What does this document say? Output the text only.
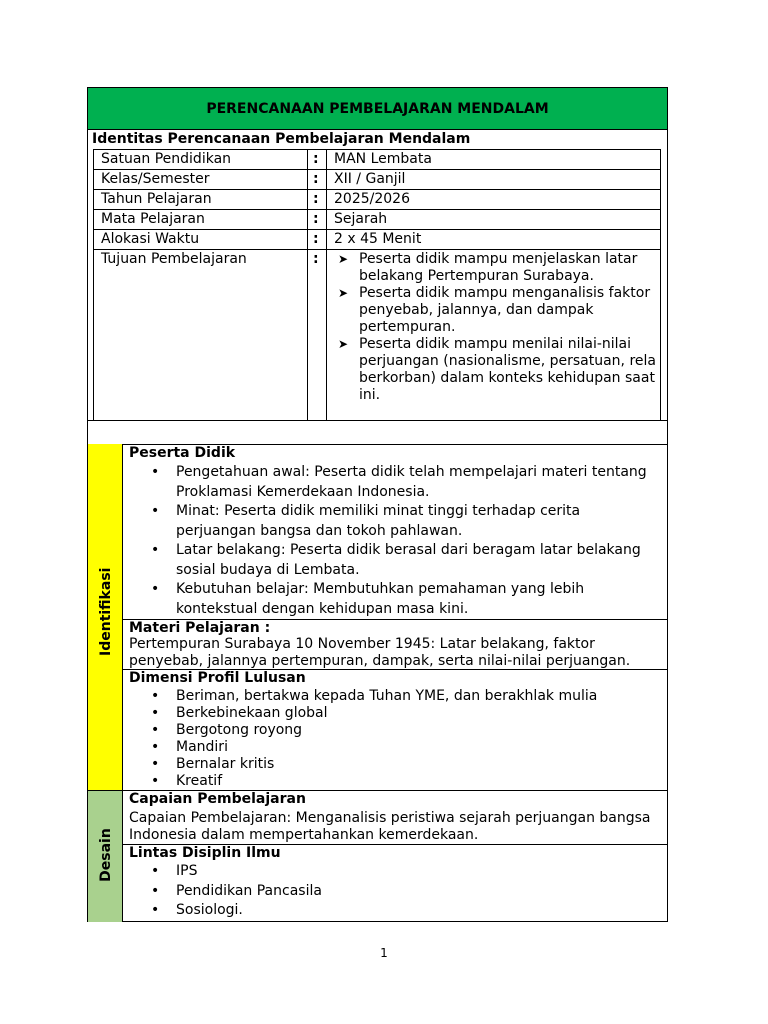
PERENCANAAN PEMBELAJARAN MENDALAM
Identitas Perencanaan Pembelajaran Mendalam
Satuan Pendidikan	: MAN Lembata
Kelas/Semester	: XII / Ganjil
Tahun Pelajaran	: 2025/2026
Mata Pelajaran	: Sejarah
Alokasi Waktu	: 2 x 45 Menit
Tujuan Pembelajaran	: ➤ Peserta didik mampu menjelaskan latar belakang Pertempuran Surabaya.
➤ Peserta didik mampu menganalisis faktor penyebab, jalannya, dan dampak pertempuran.
➤ Peserta didik mampu menilai nilai-nilai perjuangan (nasionalisme, persatuan, rela berkorban) dalam konteks kehidupan saat ini.
Identifikasi
Peserta Didik
• Pengetahuan awal: Peserta didik telah mempelajari materi tentang Proklamasi Kemerdekaan Indonesia.
• Minat: Peserta didik memiliki minat tinggi terhadap cerita perjuangan bangsa dan tokoh pahlawan.
• Latar belakang: Peserta didik berasal dari beragam latar belakang sosial budaya di Lembata.
• Kebutuhan belajar: Membutuhkan pemahaman yang lebih kontekstual dengan kehidupan masa kini.
Materi Pelajaran :
Pertempuran Surabaya 10 November 1945: Latar belakang, faktor penyebab, jalannya pertempuran, dampak, serta nilai-nilai perjuangan.
Dimensi Profil Lulusan
• Beriman, bertakwa kepada Tuhan YME, dan berakhlak mulia
• Berkebinekaan global
• Bergotong royong
• Mandiri
• Bernalar kritis
• Kreatif
Desain
Capaian Pembelajaran
Capaian Pembelajaran: Menganalisis peristiwa sejarah perjuangan bangsa Indonesia dalam mempertahankan kemerdekaan.
Lintas Disiplin Ilmu
• IPS
• Pendidikan Pancasila
• Sosiologi.
1
